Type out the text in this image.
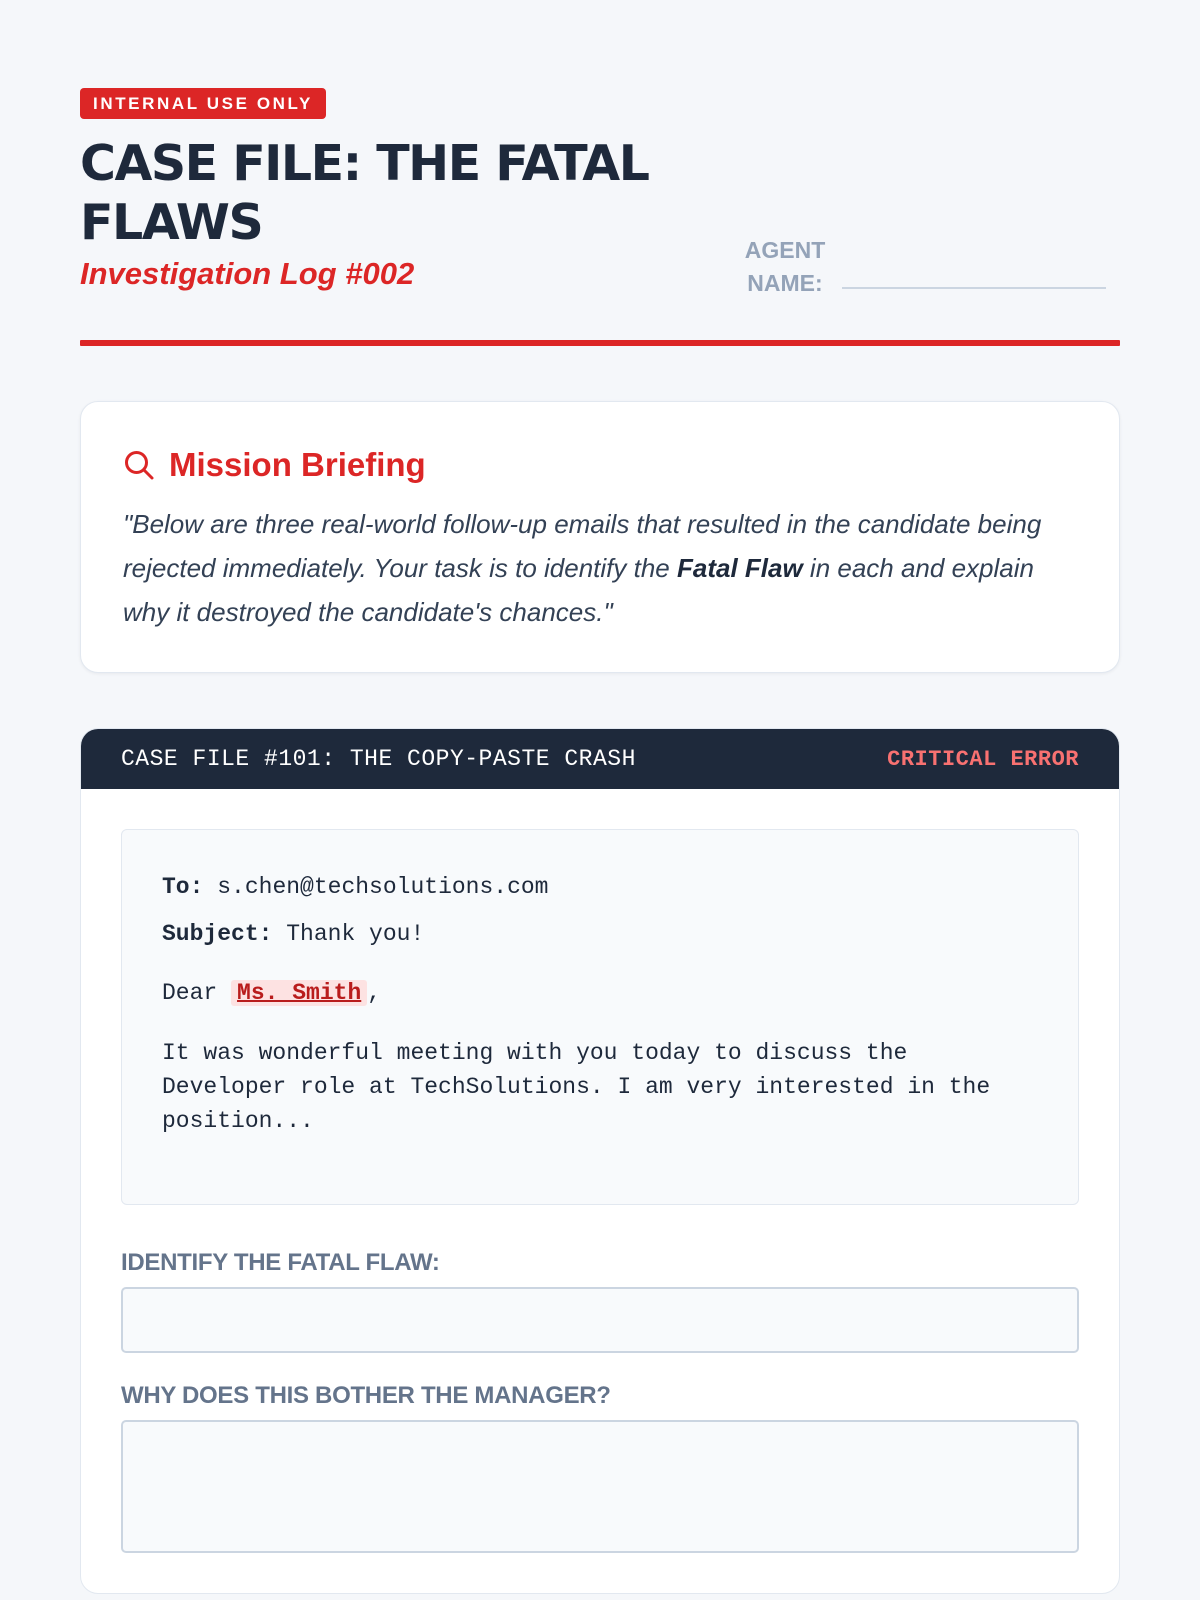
INTERNAL USE ONLY
CASE FILE: THE FATAL FLAWS
Investigation Log #002
AGENT NAME:
Mission Briefing

"Below are three real-world follow-up emails that resulted in the candidate being rejected immediately. Your task is to identify the Fatal Flaw in each and explain why it destroyed the candidate's chances."

CASE FILE #101: THE COPY-PASTE CRASH	CRITICAL ERROR
To: s.chen@techsolutions.com
Subject: Thank you!
Dear Ms. Smith ,
It was wonderful meeting with you today to discuss the Developer role at TechSolutions. I am very interested in the position...
IDENTIFY THE FATAL FLAW:
WHY DOES THIS BOTHER THE MANAGER?
